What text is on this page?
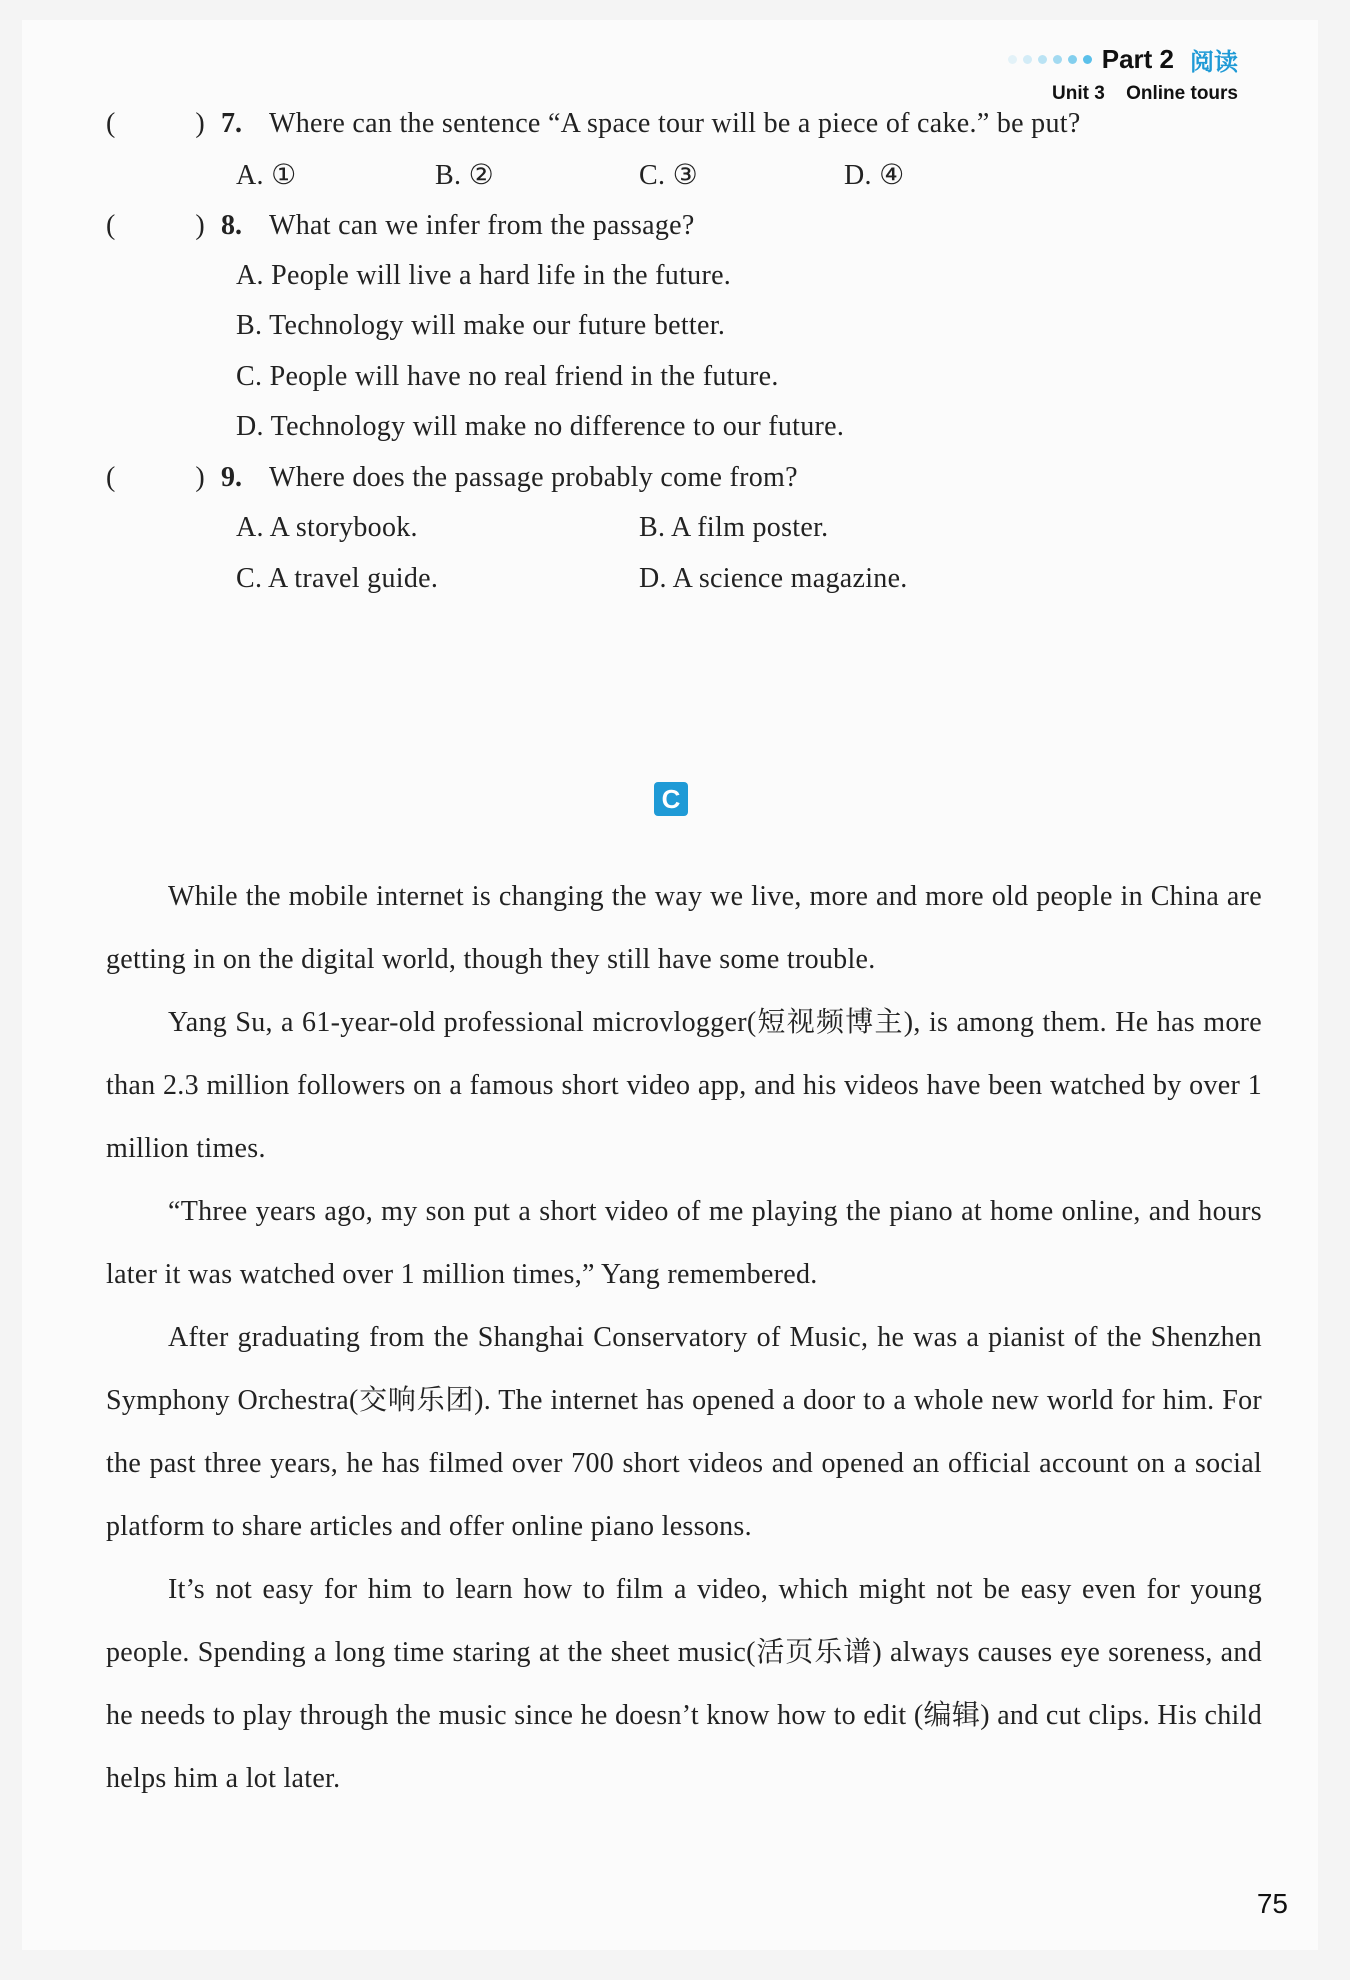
Part 2 阅读
Unit 3 Online tours
(	) 7. Where can the sentence “A space tour will be a piece of cake.” be put?
A. ①	B. ②	C. ③	D. ④
(	) 8. What can we infer from the passage?
A. People will live a hard life in the future.
B. Technology will make our future better.
C. People will have no real friend in the future.
D. Technology will make no difference to our future.
(	) 9. Where does the passage probably come from?
A. A storybook.	B. A film poster.
C. A travel guide.	D. A science magazine.
C

While the mobile internet is changing the way we live, more and more old people in China are getting in on the digital world, though they still have some trouble.

Yang Su, a 61-year-old professional microvlogger(短视频博主), is among them. He has more than 2.3 million followers on a famous short video app, and his videos have been watched by over 1 million times.

“Three years ago, my son put a short video of me playing the piano at home online, and hours later it was watched over 1 million times,” Yang remembered.

After graduating from the Shanghai Conservatory of Music, he was a pianist of the Shenzhen Symphony Orchestra(交响乐团). The internet has opened a door to a whole new world for him. For the past three years, he has filmed over 700 short videos and opened an official account on a social platform to share articles and offer online piano lessons.

It’s not easy for him to learn how to film a video, which might not be easy even for young people. Spending a long time staring at the sheet music(活页乐谱) always causes eye soreness, and he needs to play through the music since he doesn’t know how to edit (编辑) and cut clips. His child helps him a lot later.

75
